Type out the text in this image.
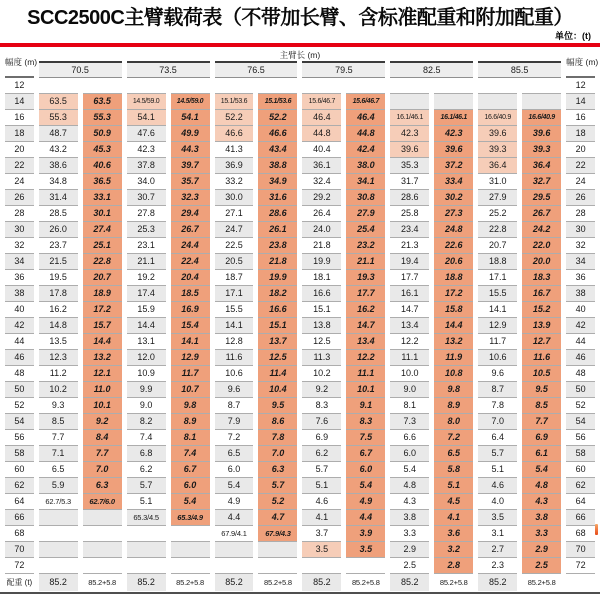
SCC2500C主臂载荷表（不带加长臂、含标准配重和附加配重）
单位：(t)
幅度 (m)	主臂长 (m)												幅度 (m)
	70.5		73.5		76.5		79.5		82.5		85.5		
12													12
14	63.5	63.5	14.5/59.0	14.5/59.0	15.1/53.6	15.1/53.6	15.6/46.7	15.6/46.7					14
16	55.3	55.3	54.1	54.1	52.2	52.2	46.4	46.4	16.1/46.1	16.1/46.1	16.6/40.9	16.6/40.9	16
18	48.7	50.9	47.6	49.9	46.6	46.6	44.8	44.8	42.3	42.3	39.6	39.6	18
20	43.2	45.3	42.3	44.3	41.3	43.4	40.4	42.4	39.6	39.6	39.3	39.3	20
22	38.6	40.6	37.8	39.7	36.9	38.8	36.1	38.0	35.3	37.2	36.4	36.4	22
24	34.8	36.5	34.0	35.7	33.2	34.9	32.4	34.1	31.7	33.4	31.0	32.7	24
26	31.4	33.1	30.7	32.3	30.0	31.6	29.2	30.8	28.6	30.2	27.9	29.5	26
28	28.5	30.1	27.8	29.4	27.1	28.6	26.4	27.9	25.8	27.3	25.2	26.7	28
30	26.0	27.4	25.3	26.7	24.7	26.1	24.0	25.4	23.4	24.8	22.8	24.2	30
32	23.7	25.1	23.1	24.4	22.5	23.8	21.8	23.2	21.3	22.6	20.7	22.0	32
34	21.5	22.8	21.1	22.4	20.5	21.8	19.9	21.1	19.4	20.6	18.8	20.0	34
36	19.5	20.7	19.2	20.4	18.7	19.9	18.1	19.3	17.7	18.8	17.1	18.3	36
38	17.8	18.9	17.4	18.5	17.1	18.2	16.6	17.7	16.1	17.2	15.5	16.7	38
40	16.2	17.2	15.9	16.9	15.5	16.6	15.1	16.2	14.7	15.8	14.1	15.2	40
42	14.8	15.7	14.4	15.4	14.1	15.1	13.8	14.7	13.4	14.4	12.9	13.9	42
44	13.5	14.4	13.1	14.1	12.8	13.7	12.5	13.4	12.2	13.2	11.7	12.7	44
46	12.3	13.2	12.0	12.9	11.6	12.5	11.3	12.2	11.1	11.9	10.6	11.6	46
48	11.2	12.1	10.9	11.7	10.6	11.4	10.2	11.1	10.0	10.8	9.6	10.5	48
50	10.2	11.0	9.9	10.7	9.6	10.4	9.2	10.1	9.0	9.8	8.7	9.5	50
52	9.3	10.1	9.0	9.8	8.7	9.5	8.3	9.1	8.1	8.9	7.8	8.5	52
54	8.5	9.2	8.2	8.9	7.9	8.6	7.6	8.3	7.3	8.0	7.0	7.7	54
56	7.7	8.4	7.4	8.1	7.2	7.8	6.9	7.5	6.6	7.2	6.4	6.9	56
58	7.1	7.7	6.8	7.4	6.5	7.0	6.2	6.7	6.0	6.5	5.7	6.1	58
60	6.5	7.0	6.2	6.7	6.0	6.3	5.7	6.0	5.4	5.8	5.1	5.4	60
62	5.9	6.3	5.7	6.0	5.4	5.7	5.1	5.4	4.8	5.1	4.6	4.8	62
64	62.7/5.3	62.7/6.0	5.1	5.4	4.9	5.2	4.6	4.9	4.3	4.5	4.0	4.3	64
66			65.3/4.5	65.3/4.9	4.4	4.7	4.1	4.4	3.8	4.1	3.5	3.8	66
68					67.9/4.1	67.9/4.3	3.7	3.9	3.3	3.6	3.1	3.3	68
70							3.5	3.5	2.9	3.2	2.7	2.9	70
72									2.5	2.8	2.3	2.5	72
配重 (t)	85.2	85.2+5.8	85.2	85.2+5.8	85.2	85.2+5.8	85.2	85.2+5.8	85.2	85.2+5.8	85.2	85.2+5.8	
